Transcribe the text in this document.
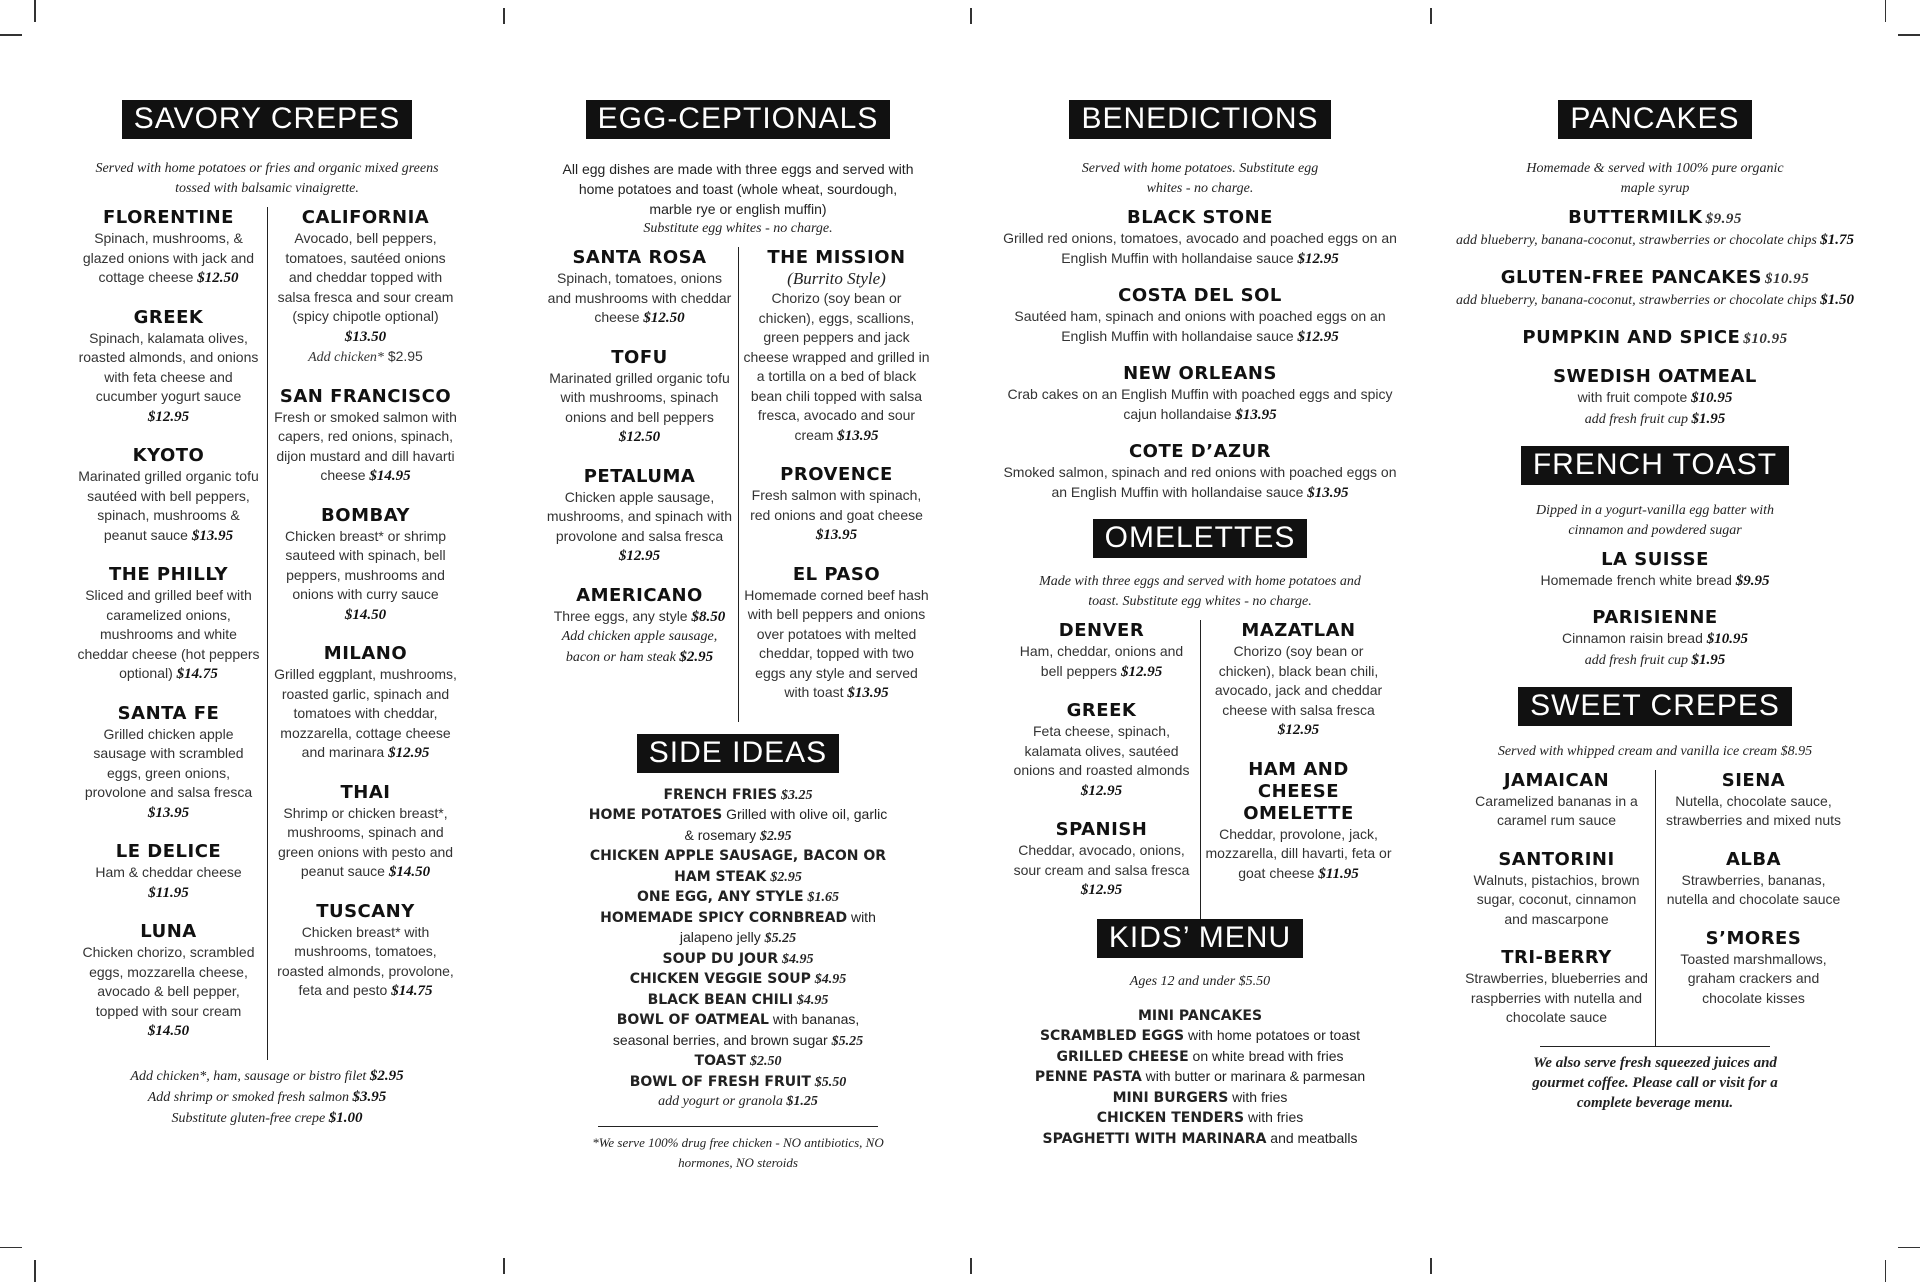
SAVORY CREPES
Served with home potatoes or fries and organic mixed greens tossed with balsamic vinaigrette.
FLORENTINE
Spinach, mushrooms, & glazed onions with jack and cottage cheese $12.50
GREEK
Spinach, kalamata olives, roasted almonds, and onions with feta cheese and cucumber yogurt sauce $12.95
KYOTO
Marinated grilled organic tofu sautéed with bell peppers, spinach, mushrooms & peanut sauce $13.95
THE PHILLY
Sliced and grilled beef with caramelized onions, mushrooms and white cheddar cheese (hot peppers optional) $14.75
SANTA FE
Grilled chicken apple sausage with scrambled eggs, green onions, provolone and salsa fresca $13.95
LE DELICE
Ham & cheddar cheese $11.95
LUNA
Chicken chorizo, scrambled eggs, mozzarella cheese, avocado & bell pepper, topped with sour cream $14.50
CALIFORNIA
Avocado, bell peppers, tomatoes, sautéed onions and cheddar topped with salsa fresca and sour cream (spicy chipotle optional) $13.50
Add chicken* $2.95
SAN FRANCISCO
Fresh or smoked salmon with capers, red onions, spinach, dijon mustard and dill havarti cheese $14.95
BOMBAY
Chicken breast* or shrimp sauteed with spinach, bell peppers, mushrooms and onions with curry sauce $14.50
MILANO
Grilled eggplant, mushrooms, roasted garlic, spinach and tomatoes with cheddar, mozzarella, cottage cheese and marinara $12.95
THAI
Shrimp or chicken breast*, mushrooms, spinach and green onions with pesto and peanut sauce $14.50
TUSCANY
Chicken breast* with mushrooms, tomatoes, roasted almonds, provolone, feta and pesto $14.75
Add chicken*, ham, sausage or bistro filet $2.95
Add shrimp or smoked fresh salmon $3.95
Substitute gluten-free crepe $1.00
EGG-CEPTIONALS
All egg dishes are made with three eggs and served with home potatoes and toast (whole wheat, sourdough, marble rye or english muffin)
Substitute egg whites - no charge.
SANTA ROSA
Spinach, tomatoes, onions and mushrooms with cheddar cheese $12.50
TOFU
Marinated grilled organic tofu with mushrooms, spinach onions and bell peppers $12.50
PETALUMA
Chicken apple sausage, mushrooms, and spinach with provolone and salsa fresca $12.95
AMERICANO
Three eggs, any style $8.50
Add chicken apple sausage, bacon or ham steak $2.95
THE MISSION
(Burrito Style)
Chorizo (soy bean or chicken), eggs, scallions, green peppers and jack cheese wrapped and grilled in a tortilla on a bed of black bean chili topped with salsa fresca, avocado and sour cream $13.95
PROVENCE
Fresh salmon with spinach, red onions and goat cheese $13.95
EL PASO
Homemade corned beef hash with bell peppers and onions over potatoes with melted cheddar, topped with two eggs any style and served with toast $13.95
SIDE IDEAS
FRENCH FRIES $3.25
HOME POTATOES Grilled with olive oil, garlic & rosemary $2.95
CHICKEN APPLE SAUSAGE, BACON OR HAM STEAK $2.95
ONE EGG, ANY STYLE $1.65
HOMEMADE SPICY CORNBREAD with jalapeno jelly $5.25
SOUP DU JOUR $4.95
CHICKEN VEGGIE SOUP $4.95
BLACK BEAN CHILI $4.95
BOWL OF OATMEAL with bananas, seasonal berries, and brown sugar $5.25
TOAST $2.50
BOWL OF FRESH FRUIT $5.50
add yogurt or granola $1.25
*We serve 100% drug free chicken - NO antibiotics, NO hormones, NO steroids
BENEDICTIONS
Served with home potatoes. Substitute egg whites - no charge.
BLACK STONE
Grilled red onions, tomatoes, avocado and poached eggs on an English Muffin with hollandaise sauce $12.95
COSTA DEL SOL
Sautéed ham, spinach and onions with poached eggs on an English Muffin with hollandaise sauce $12.95
NEW ORLEANS
Crab cakes on an English Muffin with poached eggs and spicy cajun hollandaise $13.95
COTE D’AZUR
Smoked salmon, spinach and red onions with poached eggs on an English Muffin with hollandaise sauce $13.95
OMELETTES
Made with three eggs and served with home potatoes and toast. Substitute egg whites - no charge.
DENVER
Ham, cheddar, onions and bell peppers $12.95
GREEK
Feta cheese, spinach, kalamata olives, sautéed onions and roasted almonds $12.95
SPANISH
Cheddar, avocado, onions, sour cream and salsa fresca $12.95
MAZATLAN
Chorizo (soy bean or chicken), black bean chili, avocado, jack and cheddar cheese with salsa fresca $12.95
HAM AND CHEESE OMELETTE
Cheddar, provolone, jack, mozzarella, dill havarti, feta or goat cheese $11.95
KIDS’ MENU
Ages 12 and under $5.50
MINI PANCAKES
SCRAMBLED EGGS with home potatoes or toast
GRILLED CHEESE on white bread with fries
PENNE PASTA with butter or marinara & parmesan
MINI BURGERS with fries
CHICKEN TENDERS with fries
SPAGHETTI WITH MARINARA and meatballs
PANCAKES
Homemade & served with 100% pure organic maple syrup
BUTTERMILK $9.95
add blueberry, banana-coconut, strawberries or chocolate chips $1.75
GLUTEN-FREE PANCAKES $10.95
add blueberry, banana-coconut, strawberries or chocolate chips $1.50
PUMPKIN AND SPICE $10.95
SWEDISH OATMEAL
with fruit compote $10.95
add fresh fruit cup $1.95
FRENCH TOAST
Dipped in a yogurt-vanilla egg batter with cinnamon and powdered sugar
LA SUISSE
Homemade french white bread $9.95
PARISIENNE
Cinnamon raisin bread $10.95
add fresh fruit cup $1.95
SWEET CREPES
Served with whipped cream and vanilla ice cream $8.95
JAMAICAN
Caramelized bananas in a caramel rum sauce
SANTORINI
Walnuts, pistachios, brown sugar, coconut, cinnamon and mascarpone
TRI-BERRY
Strawberries, blueberries and raspberries with nutella and chocolate sauce
SIENA
Nutella, chocolate sauce, strawberries and mixed nuts
ALBA
Strawberries, bananas, nutella and chocolate sauce
S’MORES
Toasted marshmallows, graham crackers and chocolate kisses
We also serve fresh squeezed juices and gourmet coffee. Please call or visit for a complete beverage menu.
